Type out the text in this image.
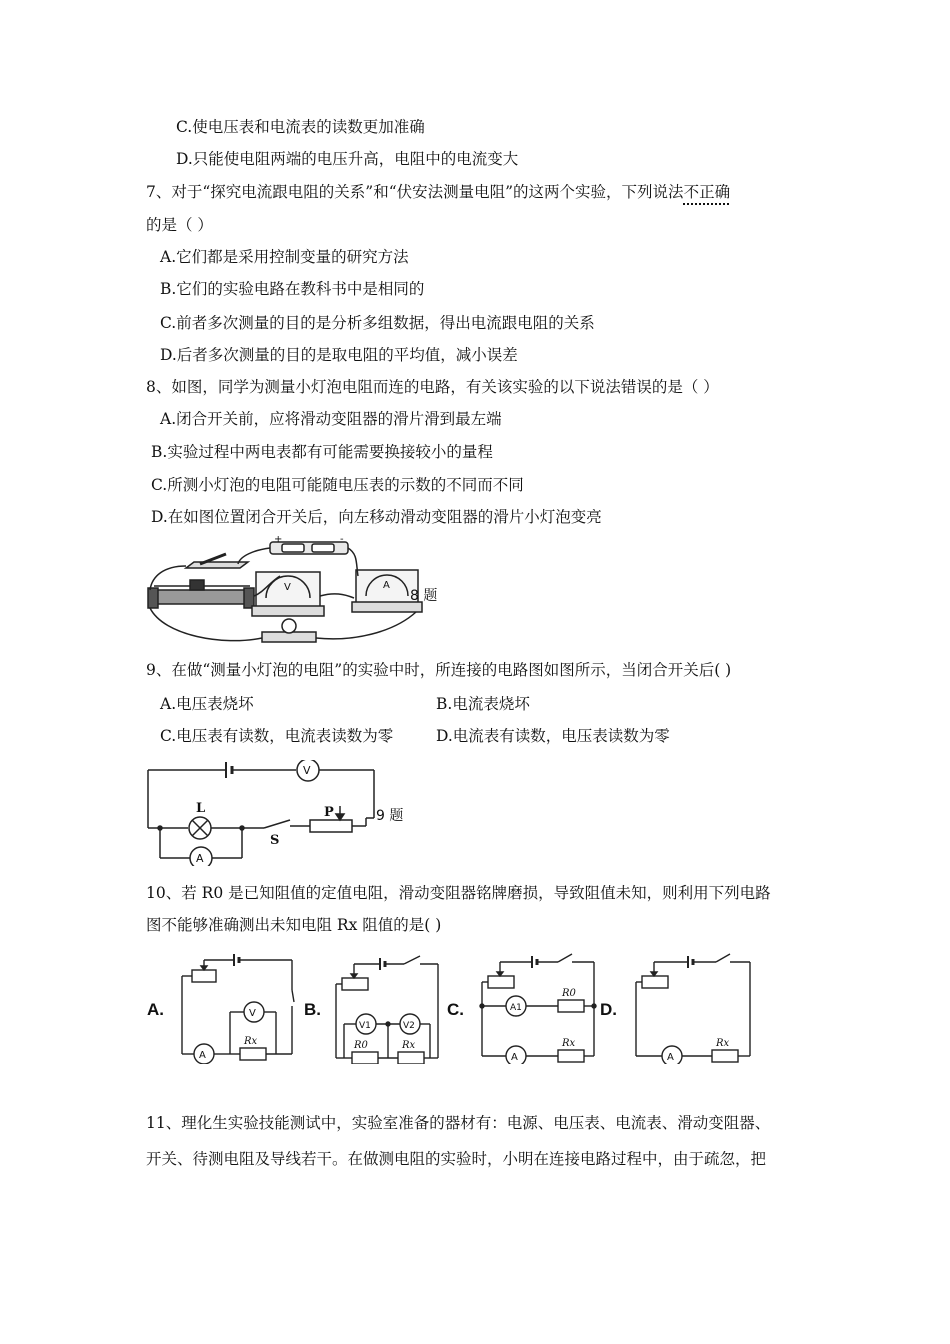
C.使电压表和电流表的读数更加准确
D.只能使电阻两端的电压升高，电阻中的电流变大
7、对于“探究电流跟电阻的关系”和“伏安法测量电阻”的这两个实验，下列说法不正确
的是（ ）
A.它们都是采用控制变量的研究方法
B.它们的实验电路在教科书中是相同的
C.前者多次测量的目的是分析多组数据，得出电流跟电阻的关系
D.后者多次测量的目的是取电阻的平均值，减小误差
8、如图，同学为测量小灯泡电阻而连的电路，有关该实验的以下说法错误的是（ ）
A.闭合开关前，应将滑动变阻器的滑片滑到最左端
B.实验过程中两电表都有可能需要换接较小的量程
C.所测小灯泡的电阻可能随电压表的示数的不同而不同
D.在如图位置闭合开关后，向左移动滑动变阻器的滑片小灯泡变亮
+	-
V	A
8 题
9、在做“测量小灯泡的电阻”的实验中时，所连接的电路图如图所示，当闭合开关后( )
A.电压表烧坏	B.电流表烧坏
C.电压表有读数，电流表读数为零	D.电流表有读数，电压表读数为零
V
A
L
S
P	9 题
10、若 R0 是已知阻值的定值电阻，滑动变阻器铭牌磨损，导致阻值未知，则利用下列电路
图不能够准确测出未知电阻 Rx 阻值的是( )
A.	V
A
Rx
B.
V1	V2
R0	Rx
C.	A1
A
R0
Rx
D.
A
Rx
11、理化生实验技能测试中，实验室准备的器材有：电源、电压表、电流表、滑动变阻器、
开关、待测电阻及导线若干。在做测电阻的实验时，小明在连接电路过程中，由于疏忽，把
